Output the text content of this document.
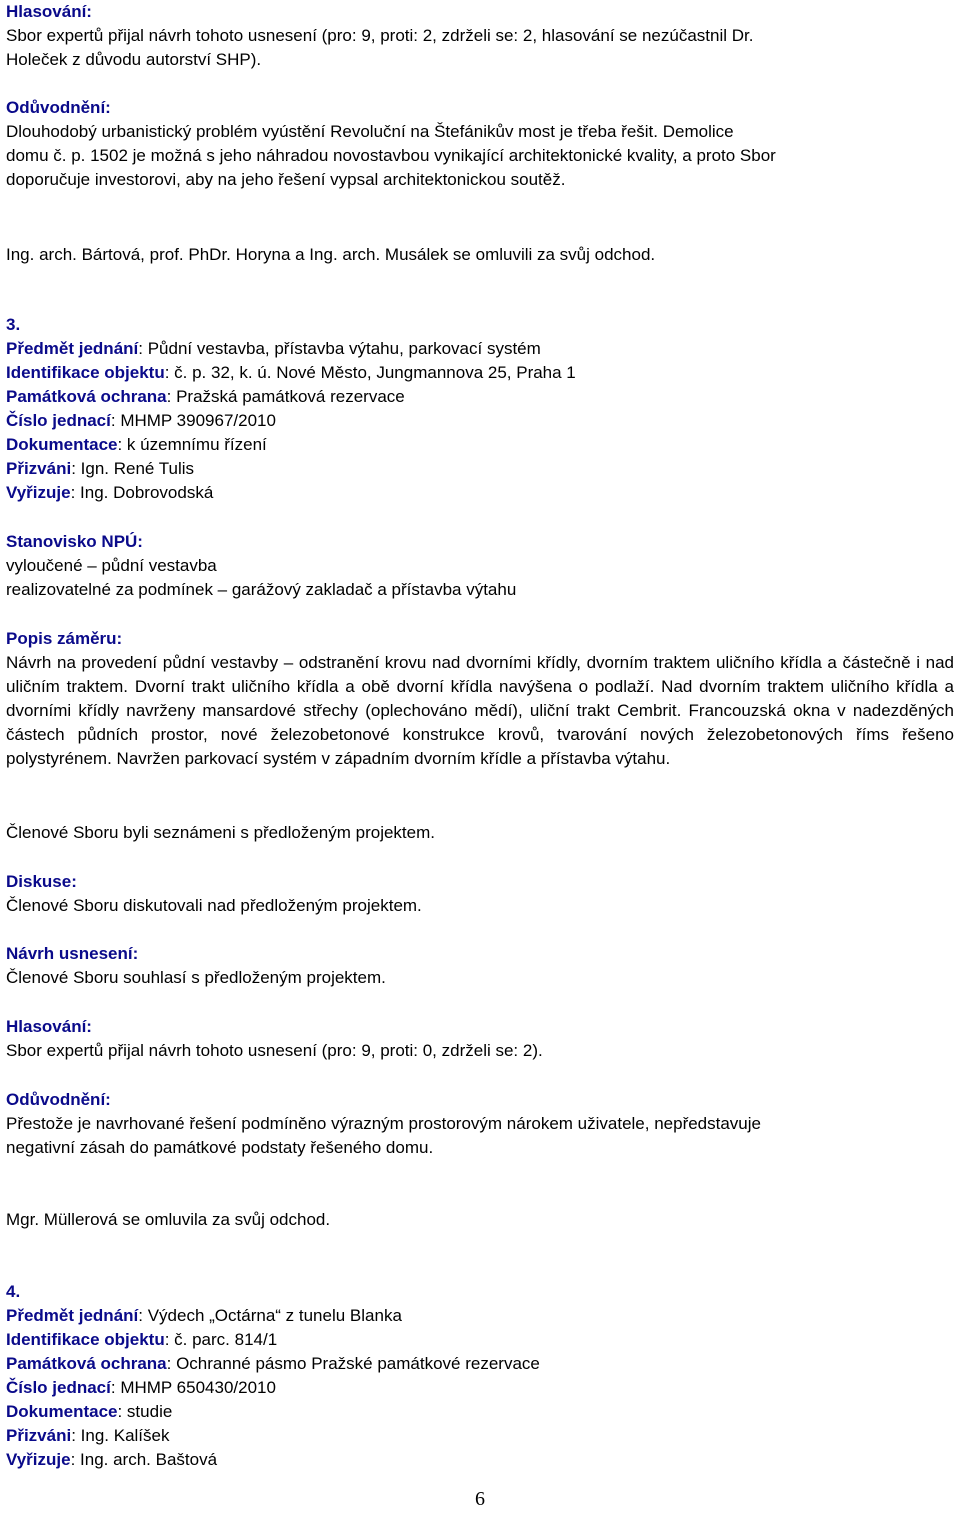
Hlasování:
Sbor expertů přijal návrh tohoto usnesení (pro: 9, proti: 2, zdrželi se: 2, hlasování se nezúčastnil Dr.
Holeček z důvodu autorství SHP).
Odůvodnění:
Dlouhodobý urbanistický problém vyústění Revoluční na Štefánikův most je třeba řešit. Demolice
domu č. p. 1502 je možná s jeho náhradou novostavbou vynikající architektonické kvality, a proto Sbor
doporučuje investorovi, aby na jeho řešení vypsal architektonickou soutěž.
Ing. arch. Bártová, prof. PhDr. Horyna a Ing. arch. Musálek se omluvili za svůj odchod.
3.
Předmět jednání: Půdní vestavba, přístavba výtahu, parkovací systém
Identifikace objektu: č. p. 32, k. ú. Nové Město, Jungmannova 25, Praha 1
Památková ochrana: Pražská památková rezervace
Číslo jednací: MHMP 390967/2010
Dokumentace: k územnímu řízení
Přizváni: Ign. René Tulis
Vyřizuje: Ing. Dobrovodská
Stanovisko NPÚ:
vyloučené – půdní vestavba
realizovatelné za podmínek – garážový zakladač a přístavba výtahu
Popis záměru:
Návrh na provedení půdní vestavby – odstranění krovu nad dvorními křídly, dvorním traktem uličního křídla a částečně i nad uličním traktem. Dvorní trakt uličního křídla a obě dvorní křídla navýšena o podlaží. Nad dvorním traktem uličního křídla a dvorními křídly navrženy mansardové střechy (oplechováno mědí), uliční trakt Cembrit. Francouzská okna v nadezděných částech půdních prostor, nové železobetonové konstrukce krovů, tvarování nových železobetonových říms řešeno polystyrénem. Navržen parkovací systém v západním dvorním křídle a přístavba výtahu.
Členové Sboru byli seznámeni s předloženým projektem.
Diskuse:
Členové Sboru diskutovali nad předloženým projektem.
Návrh usnesení:
Členové Sboru souhlasí s předloženým projektem.
Hlasování:
Sbor expertů přijal návrh tohoto usnesení (pro: 9, proti: 0, zdrželi se: 2).
Odůvodnění:
Přestože je navrhované řešení podmíněno výrazným prostorovým nárokem uživatele, nepředstavuje
negativní zásah do památkové podstaty řešeného domu.
Mgr. Müllerová se omluvila za svůj odchod.
4.
Předmět jednání: Výdech „Octárna“ z tunelu Blanka
Identifikace objektu: č. parc. 814/1
Památková ochrana: Ochranné pásmo Pražské památkové rezervace
Číslo jednací: MHMP 650430/2010
Dokumentace: studie
Přizváni: Ing. Kalíšek
Vyřizuje: Ing. arch. Baštová
6
